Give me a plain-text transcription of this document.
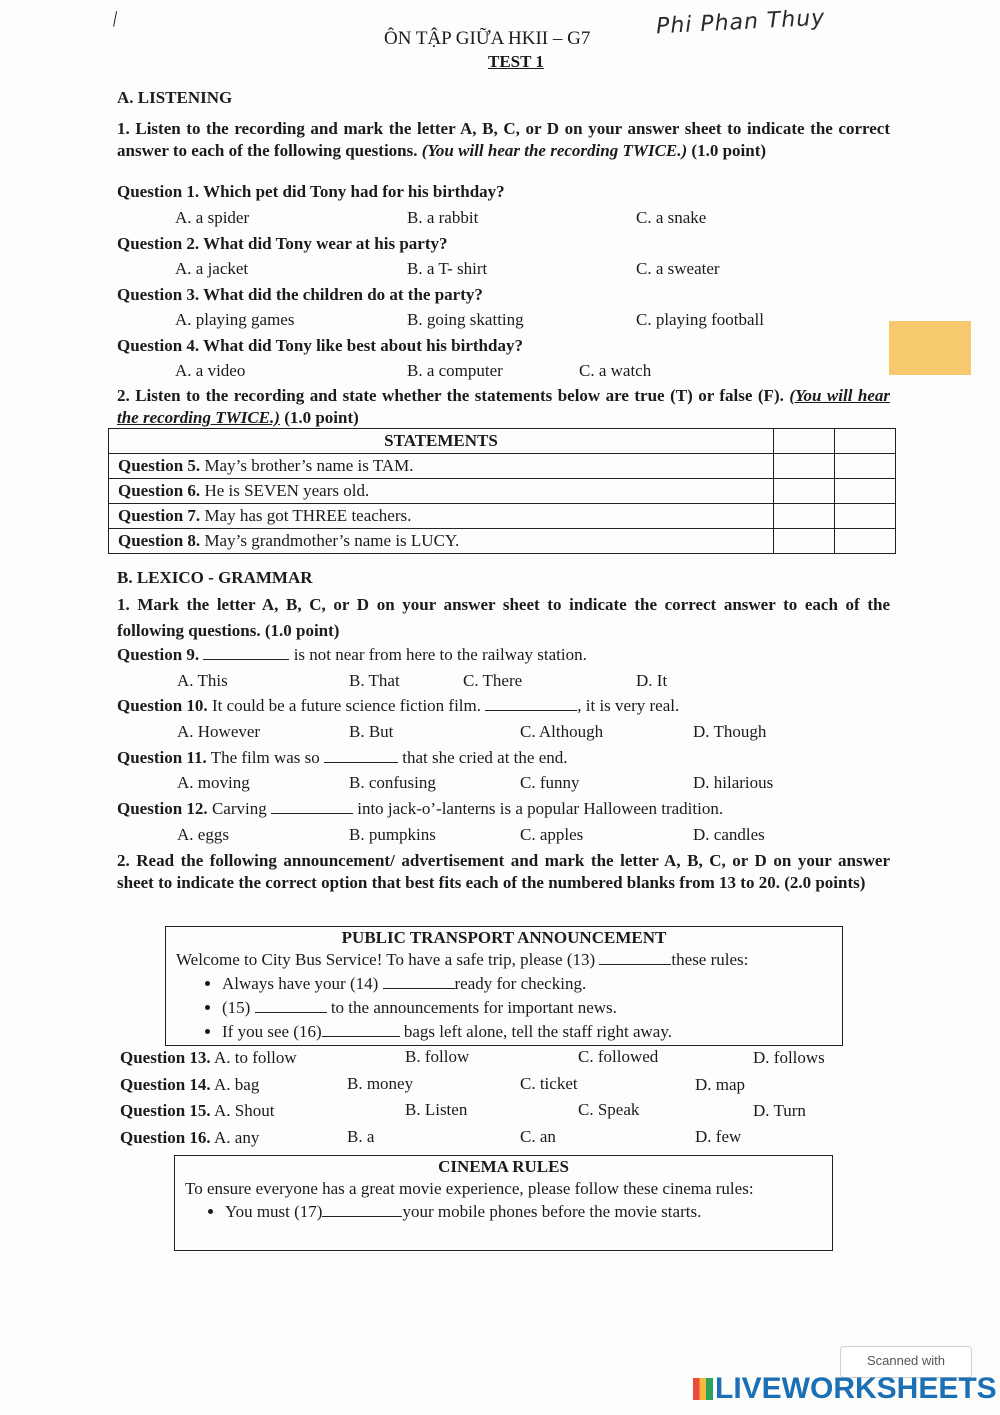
\
ÔN TẬP GIỮA HKII – G7	Phi Phan Thuy
TEST 1
A. LISTENING
1. Listen to the recording and mark the letter A, B, C, or D on your answer sheet to indicate the correct answer to each of the following questions. (You will hear the recording TWICE.) (1.0 point)
Question 1. Which pet did Tony had for his birthday?
A. a spider	B. a rabbit	C. a snake
Question 2. What did Tony wear at his party?
A. a jacket	B. a T- shirt	C. a sweater
Question 3. What did the children do at the party?
A. playing games	B. going skatting	C. playing football
Question 4. What did Tony like best about his birthday?
A. a video	B. a computer	C. a watch
2. Listen to the recording and state whether the statements below are true (T) or false (F). (You will hear the recording TWICE.) (1.0 point)
STATEMENTS		
Question 5. May’s brother’s name is TAM.		
Question 6. He is SEVEN years old.		
Question 7. May has got THREE teachers.		
Question 8. May’s grandmother’s name is LUCY.		
B. LEXICO - GRAMMAR
1. Mark the letter A, B, C, or D on your answer sheet to indicate the correct answer to each of the following questions. (1.0 point)
Question 9.	is not near from here to the railway station.
A. This	B. That	C. There	D. It
Question 10. It could be a future science fiction film.	, it is very real.
A. However	B. But	C. Although	D. Though
Question 11. The film was so	that she cried at the end.
A. moving	B. confusing	C. funny	D. hilarious
Question 12. Carving	into jack-o’-lanterns is a popular Halloween tradition.
A. eggs	B. pumpkins	C. apples	D. candles
2. Read the following announcement/ advertisement and mark the letter A, B, C, or D on your answer sheet to indicate the correct option that best fits each of the numbered blanks from 13 to 20. (2.0 points)
PUBLIC TRANSPORT ANNOUNCEMENT
Welcome to City Bus Service! To have a safe trip, please (13)	these rules:
• Always have your (14)	ready for checking.
• (15)	to the announcements for important news.
• If you see (16)	bags left alone, tell the staff right away.
Question 13. A. to follow	B. follow	C. followed	D. follows
Question 14. A. bag	B. money	C. ticket	D. map
Question 15. A. Shout	B. Listen	C. Speak	D. Turn
Question 16. A. any	B. a	C. an	D. few
CINEMA RULES
To ensure everyone has a great movie experience, please follow these cinema rules:
• You must (17)	your mobile phones before the movie starts.
Scanned with
LIVEWORKSHEETS
